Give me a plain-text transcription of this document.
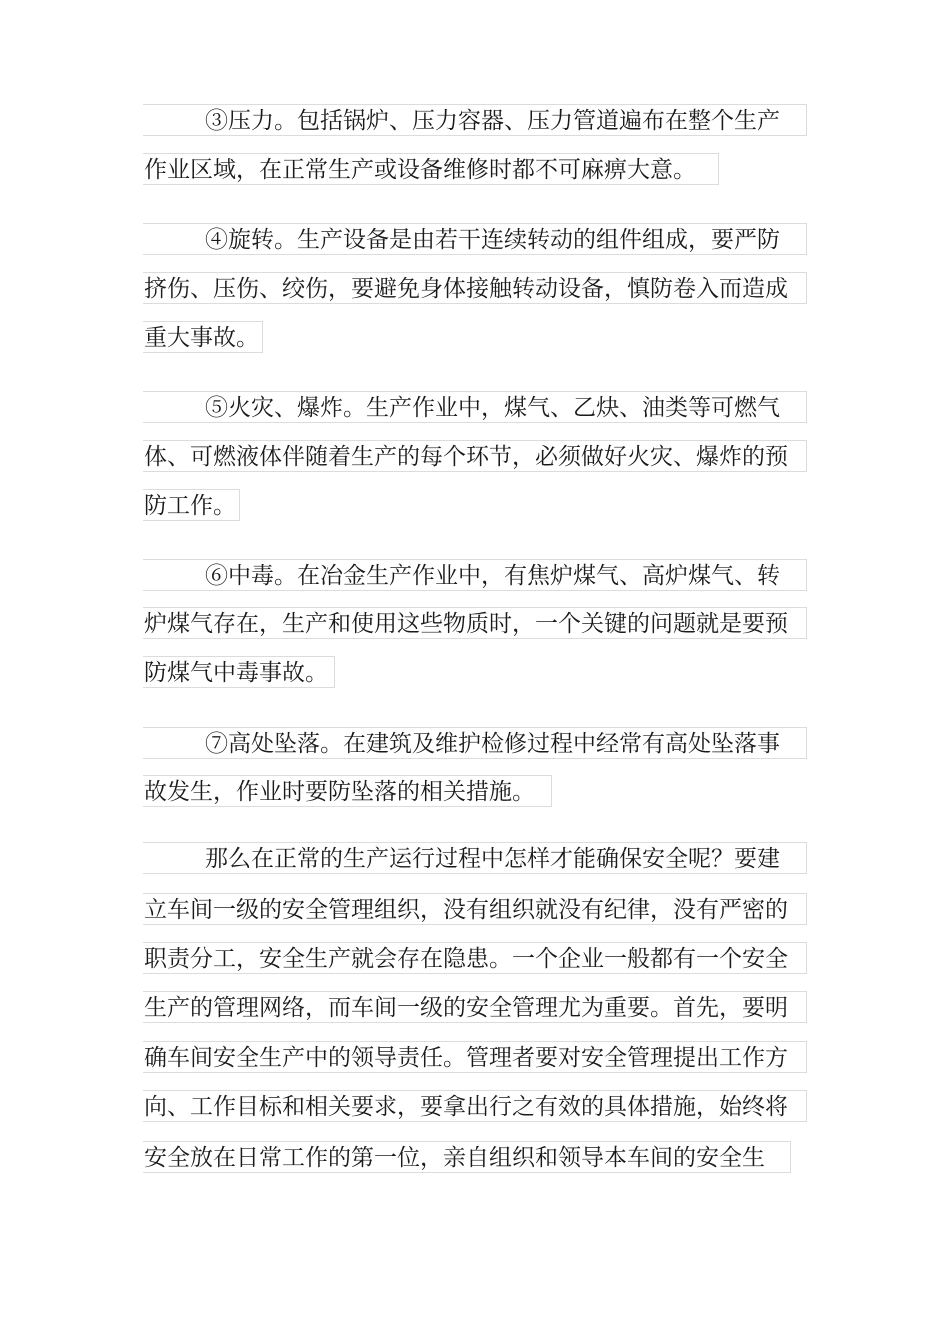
③压力。包括锅炉、压力容器、压力管道遍布在整个生产
作业区域，在正常生产或设备维修时都不可麻痹大意。
④旋转。生产设备是由若干连续转动的组件组成，要严防
挤伤、压伤、绞伤，要避免身体接触转动设备，慎防卷入而造成
重大事故。
⑤火灾、爆炸。生产作业中，煤气、乙炔、油类等可燃气
体、可燃液体伴随着生产的每个环节，必须做好火灾、爆炸的预
防工作。
⑥中毒。在冶金生产作业中，有焦炉煤气、高炉煤气、转
炉煤气存在，生产和使用这些物质时，一个关键的问题就是要预
防煤气中毒事故。
⑦高处坠落。在建筑及维护检修过程中经常有高处坠落事
故发生，作业时要防坠落的相关措施。
那么在正常的生产运行过程中怎样才能确保安全呢？要建
立车间一级的安全管理组织，没有组织就没有纪律，没有严密的
职责分工，安全生产就会存在隐患。一个企业一般都有一个安全
生产的管理网络，而车间一级的安全管理尤为重要。首先，要明
确车间安全生产中的领导责任。管理者要对安全管理提出工作方
向、工作目标和相关要求，要拿出行之有效的具体措施，始终将
安全放在日常工作的第一位，亲自组织和领导本车间的安全生
